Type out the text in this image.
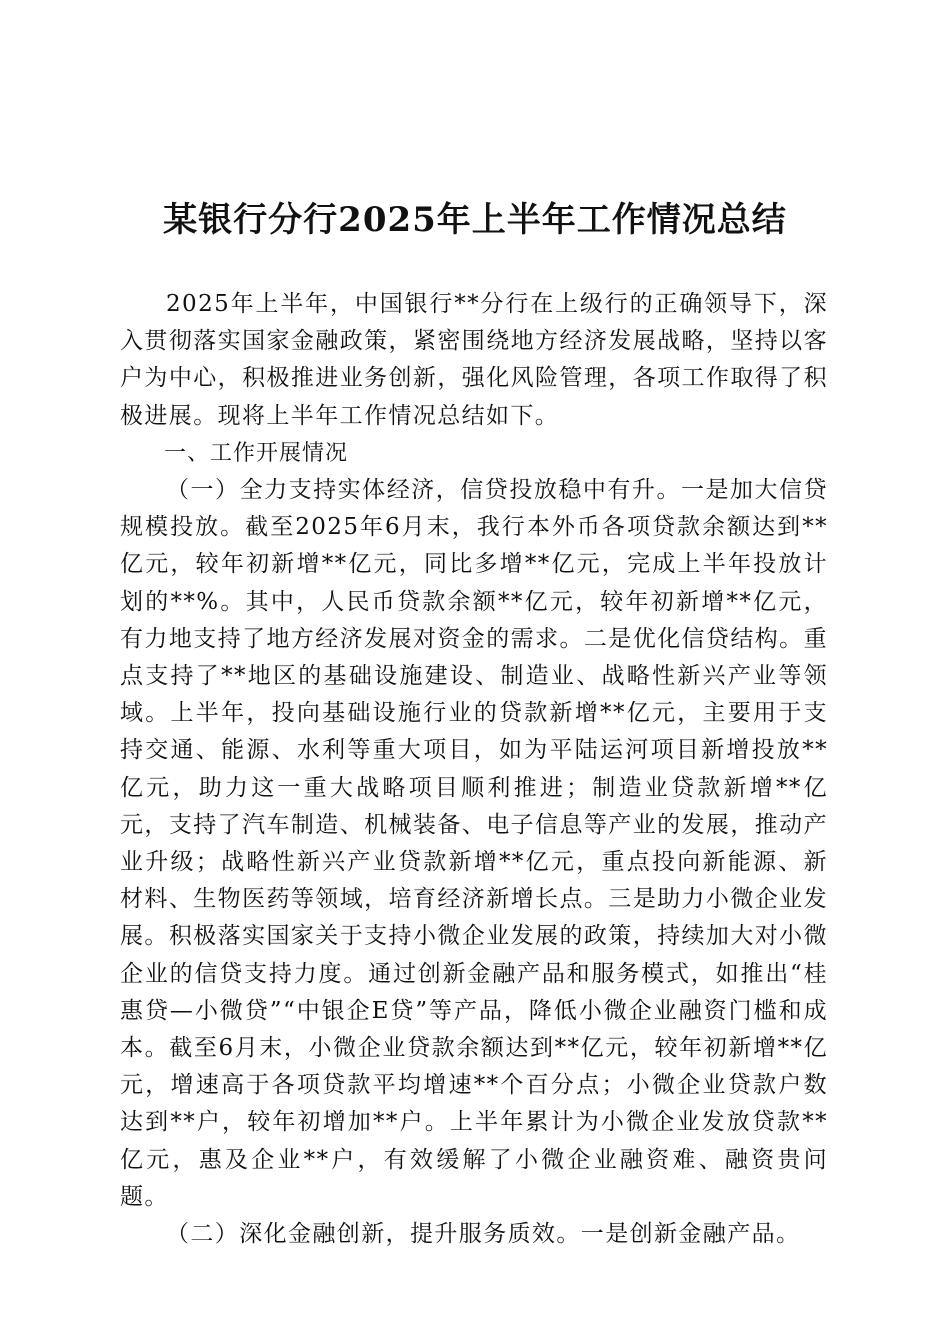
某银行分行2025年上半年工作情况总结

2025年上半年，中国银行**分行在上级行的正确领导下，深入贯彻落实国家金融政策，紧密围绕地方经济发展战略，坚持以客户为中心，积极推进业务创新，强化风险管理，各项工作取得了积极进展。现将上半年工作情况总结如下。

一、工作开展情况

（一）全力支持实体经济，信贷投放稳中有升。一是加大信贷规模投放。截至2025年6月末，我行本外币各项贷款余额达到**亿元，较年初新增**亿元，同比多增**亿元，完成上半年投放计划的**%。其中，人民币贷款余额**亿元，较年初新增**亿元，有力地支持了地方经济发展对资金的需求。二是优化信贷结构。重点支持了**地区的基础设施建设、制造业、战略性新兴产业等领域。上半年，投向基础设施行业的贷款新增**亿元，主要用于支持交通、能源、水利等重大项目，如为平陆运河项目新增投放**亿元，助力这一重大战略项目顺利推进；制造业贷款新增**亿元，支持了汽车制造、机械装备、电子信息等产业的发展，推动产业升级；战略性新兴产业贷款新增**亿元，重点投向新能源、新材料、生物医药等领域，培育经济新增长点。三是助力小微企业发展。积极落实国家关于支持小微企业发展的政策，持续加大对小微企业的信贷支持力度。通过创新金融产品和服务模式，如推出“桂惠贷—小微贷”“中银企E贷”等产品，降低小微企业融资门槛和成本。截至6月末，小微企业贷款余额达到**亿元，较年初新增**亿元，增速高于各项贷款平均增速**个百分点；小微企业贷款户数达到**户，较年初增加**户。上半年累计为小微企业发放贷款**亿元，惠及企业**户，有效缓解了小微企业融资难、融资贵问题。

（二）深化金融创新，提升服务质效。一是创新金融产品。
